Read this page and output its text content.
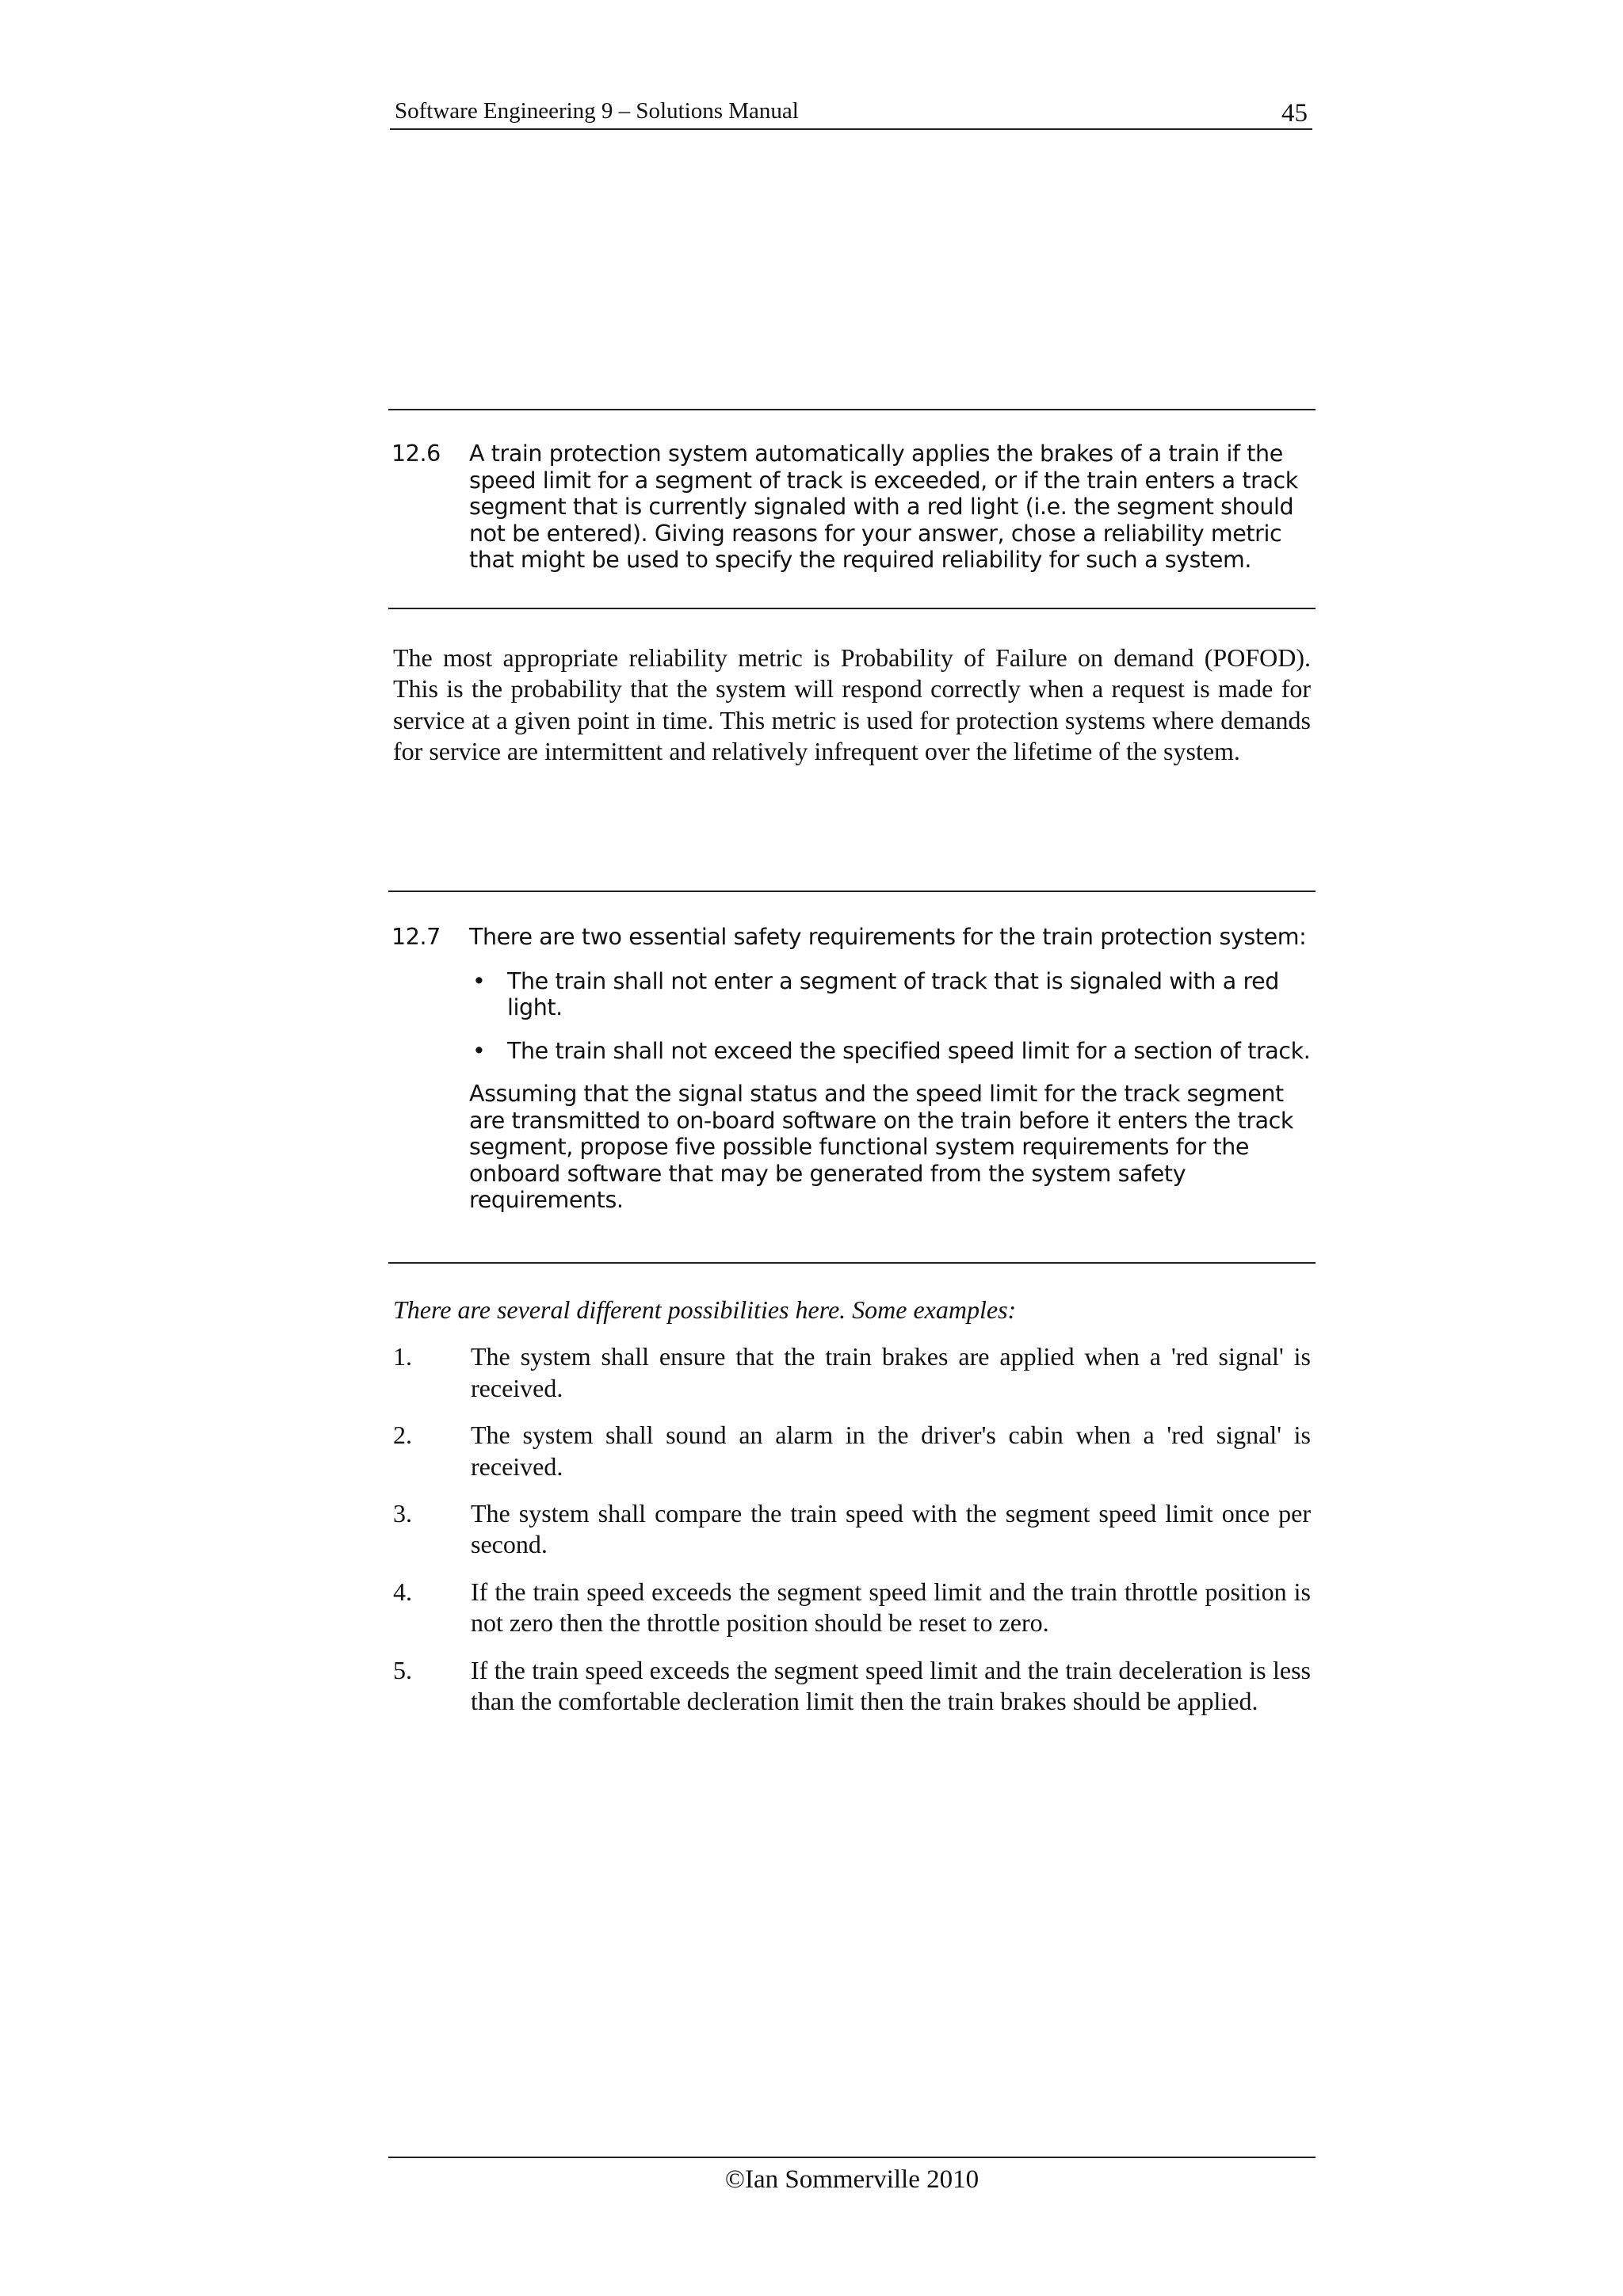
Software Engineering 9 – Solutions Manual	45
12.6 A train protection system automatically applies the brakes of a train if the speed limit for a segment of track is exceeded, or if the train enters a track segment that is currently signaled with a red light (i.e. the segment should not be entered). Giving reasons for your answer, chose a reliability metric that might be used to specify the required reliability for such a system.

The most appropriate reliability metric is Probability of Failure on demand (POFOD). This is the probability that the system will respond correctly when a request is made for service at a given point in time. This metric is used for protection systems where demands for service are intermittent and relatively infrequent over the lifetime of the system.

12.7 There are two essential safety requirements for the train protection system:

• The train shall not enter a segment of track that is signaled with a red light.
• The train shall not exceed the specified speed limit for a section of track.

Assuming that the signal status and the speed limit for the track segment are transmitted to on-board software on the train before it enters the track segment, propose five possible functional system requirements for the onboard software that may be generated from the system safety requirements.

There are several different possibilities here. Some examples:

1. The system shall ensure that the train brakes are applied when a 'red signal' is received.
2. The system shall sound an alarm in the driver's cabin when a 'red signal' is received.
3. The system shall compare the train speed with the segment speed limit once per second.
4. If the train speed exceeds the segment speed limit and the train throttle position is not zero then the throttle position should be reset to zero.
5. If the train speed exceeds the segment speed limit and the train deceleration is less than the comfortable decleration limit then the train brakes should be applied.
©Ian Sommerville 2010
